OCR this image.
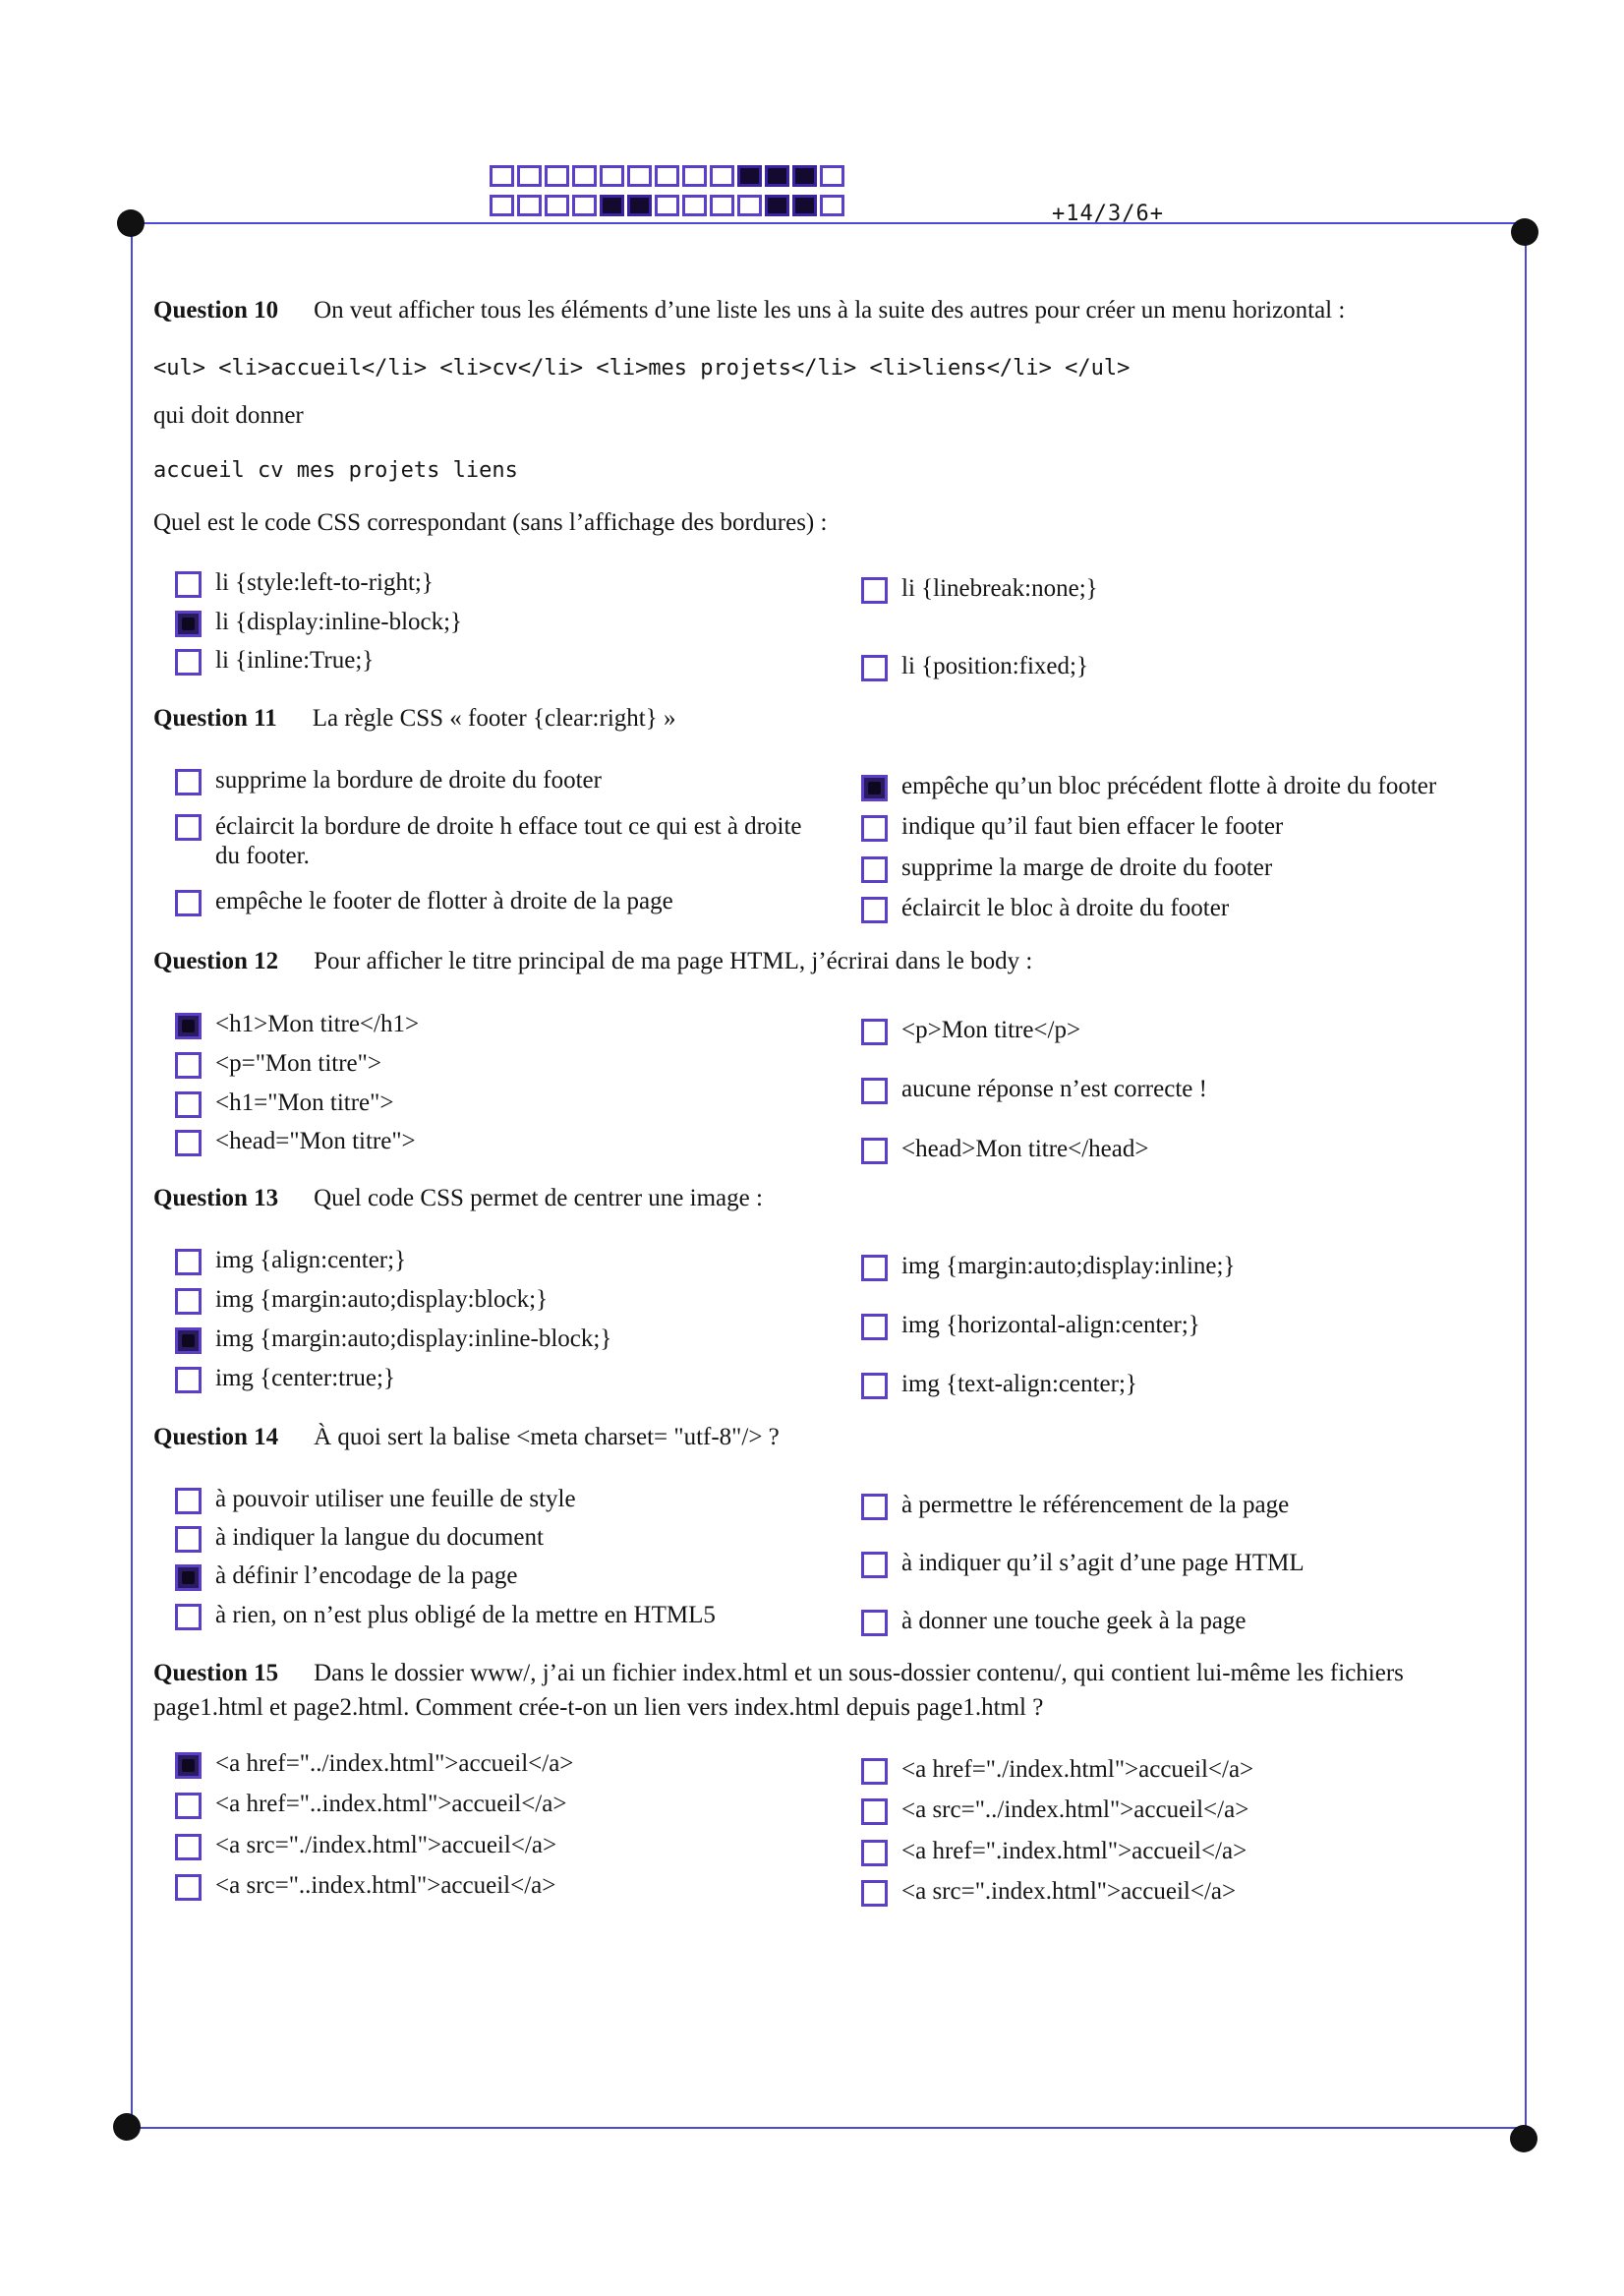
+14/3/6+
Question 10 On veut afficher tous les éléments d’une liste les uns à la suite des autres pour créer un menu horizontal :
<ul> <li>accueil</li> <li>cv</li> <li>mes projets</li> <li>liens</li> </ul>
qui doit donner
accueil cv mes projets liens
Quel est le code CSS correspondant (sans l’affichage des bordures) :
li {style:left-to-right;}
li {display:inline-block;}
li {inline:True;}
li {linebreak:none;}
li {position:fixed;}
Question 11 La règle CSS « footer {clear:right} »
supprime la bordure de droite du footer
éclaircit la bordure de droite h efface tout ce qui est à droite du footer.
empêche le footer de flotter à droite de la page
empêche qu’un bloc précédent flotte à droite du footer
indique qu’il faut bien effacer le footer
supprime la marge de droite du footer
éclaircit le bloc à droite du footer
Question 12 Pour afficher le titre principal de ma page HTML, j’écrirai dans le body :
<h1>Mon titre</h1>
<p="Mon titre">
<h1="Mon titre">
<head="Mon titre">
<p>Mon titre</p>
aucune réponse n’est correcte !
<head>Mon titre</head>
Question 13 Quel code CSS permet de centrer une image :
img {align:center;}
img {margin:auto;display:block;}
img {margin:auto;display:inline-block;}
img {center:true;}
img {margin:auto;display:inline;}
img {horizontal-align:center;}
img {text-align:center;}
Question 14 À quoi sert la balise <meta charset= "utf-8"/> ?
à pouvoir utiliser une feuille de style
à indiquer la langue du document
à définir l’encodage de la page
à rien, on n’est plus obligé de la mettre en HTML5
à permettre le référencement de la page
à indiquer qu’il s’agit d’une page HTML
à donner une touche geek à la page
Question 15 Dans le dossier www/, j’ai un fichier index.html et un sous-dossier contenu/, qui contient lui-même les fichiers
page1.html et page2.html. Comment crée-t-on un lien vers index.html depuis page1.html ?
<a href="../index.html">accueil</a>
<a href="..index.html">accueil</a>
<a src="./index.html">accueil</a>
<a src="..index.html">accueil</a>
<a href="./index.html">accueil</a>
<a src="../index.html">accueil</a>
<a href=".index.html">accueil</a>
<a src=".index.html">accueil</a>
